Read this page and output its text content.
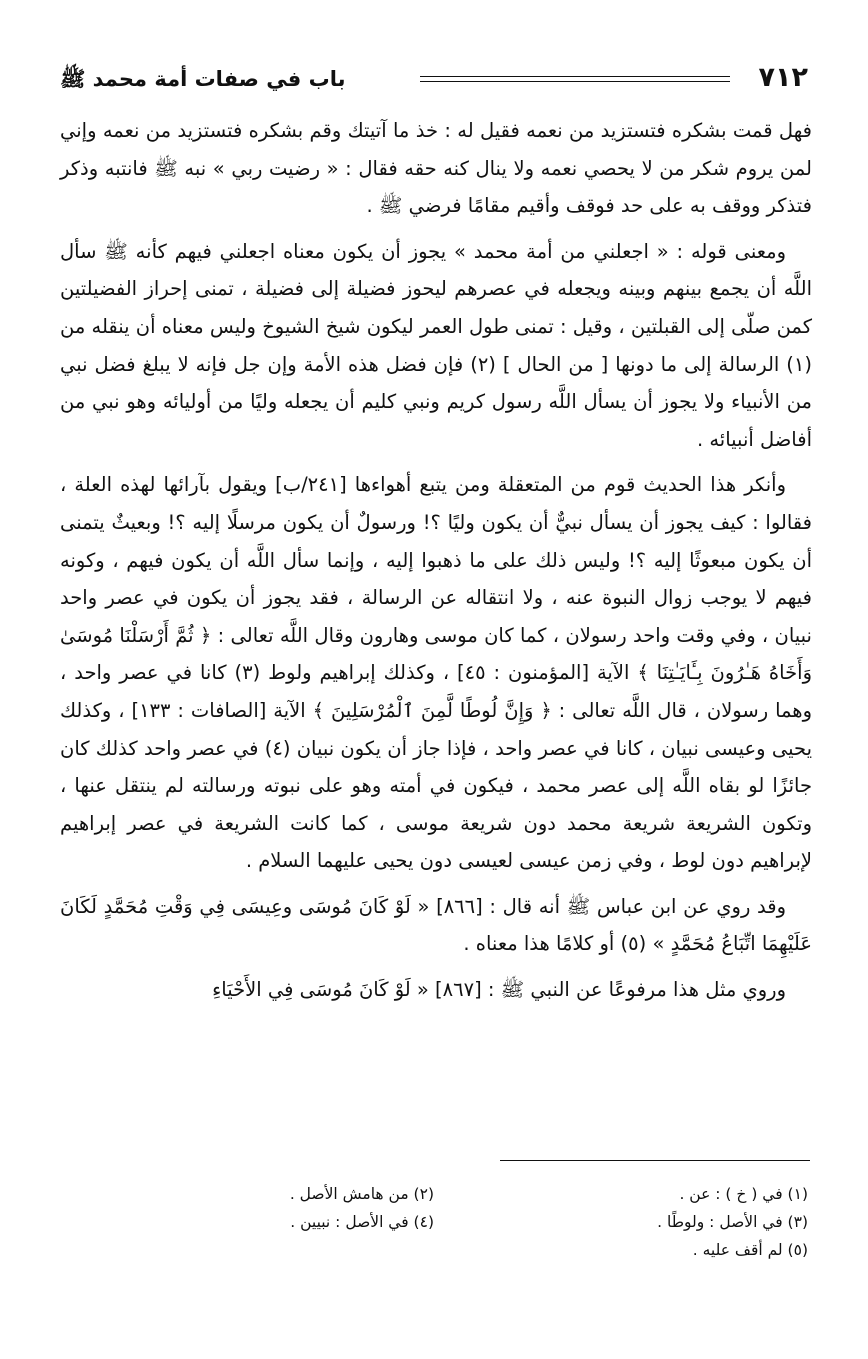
٧١٢
باب في صفات أمة محمد ﷺ

فهل قمت بشكره فتستزيد من نعمه فقيل له : خذ ما آتيتك وقم بشكره فتستزيد من نعمه وإني لمن يروم شكر من لا يحصي نعمه ولا ينال كنه حقه فقال : « رضيت ربي » نبه ﷺ فانتبه وذكر فتذكر ووقف به على حد فوقف وأقيم مقامًا فرضي ﷺ .

ومعنى قوله : « اجعلني من أمة محمد » يجوز أن يكون معناه اجعلني فيهم كأنه ﷺ سأل اللَّه أن يجمع بينهم وبينه ويجعله في عصرهم ليحوز فضيلة إلى فضيلة ، تمنى إحراز الفضيلتين كمن صلّى إلى القبلتين ، وقيل : تمنى طول العمر ليكون شيخ الشيوخ وليس معناه أن ينقله من (١) الرسالة إلى ما دونها [ من الحال ] (٢) فإن فضل هذه الأمة وإن جل فإنه لا يبلغ فضل نبي من الأنبياء ولا يجوز أن يسأل اللَّه رسول كريم ونبي كليم أن يجعله وليًا من أوليائه وهو نبي من أفاضل أنبيائه .

وأنكر هذا الحديث قوم من المتعقلة ومن يتبع أهواءها [٢٤١/ب] ويقول بآرائها لهذه العلة ، فقالوا : كيف يجوز أن يسأل نبيٌّ أن يكون وليًا ؟! ورسولٌ أن يكون مرسلًا إليه ؟! وبعيثٌ يتمنى أن يكون مبعوثًا إليه ؟! وليس ذلك على ما ذهبوا إليه ، وإنما سأل اللَّه أن يكون فيهم ، وكونه فيهم لا يوجب زوال النبوة عنه ، ولا انتقاله عن الرسالة ، فقد يجوز أن يكون في عصر واحد نبيان ، وفي وقت واحد رسولان ، كما كان موسى وهارون وقال اللَّه تعالى : ﴿ ثُمَّ أَرْسَلْنَا مُوسَىٰ وَأَخَاهُ هَـٰرُونَ بِـَٔايَـٰتِنَا ﴾ الآية [المؤمنون : ٤٥] ، وكذلك إبراهيم ولوط (٣) كانا في عصر واحد ، وهما رسولان ، قال اللَّه تعالى : ﴿ وَإِنَّ لُوطًا لَّمِنَ ٱلْمُرْسَلِينَ ﴾ الآية [الصافات : ١٣٣] ، وكذلك يحيى وعيسى نبيان ، كانا في عصر واحد ، فإذا جاز أن يكون نبيان (٤) في عصر واحد كذلك كان جائزًا لو بقاه اللَّه إلى عصر محمد ، فيكون في أمته وهو على نبوته ورسالته لم ينتقل عنها ، وتكون الشريعة شريعة محمد دون شريعة موسى ، كما كانت الشريعة في عصر إبراهيم لإبراهيم دون لوط ، وفي زمن عيسى لعيسى دون يحيى عليهما السلام .

وقد روي عن ابن عباس ﷺ أنه قال : [٨٦٦] « لَوْ كَانَ مُوسَى وعِيسَى فِي وَقْتِ مُحَمَّدٍ لَكَانَ عَلَيْهِمَا اتِّبَاعُ مُحَمَّدٍ » (٥) أو كلامًا هذا معناه .

وروي مثل هذا مرفوعًا عن النبي ﷺ : [٨٦٧] « لَوْ كَانَ مُوسَى فِي الأَحْيَاءِ

(١) في ( خ ) : عن .
(٢) من هامش الأصل .
(٣) في الأصل : ولوطًا .
(٤) في الأصل : نبيين .
(٥) لم أقف عليه .
